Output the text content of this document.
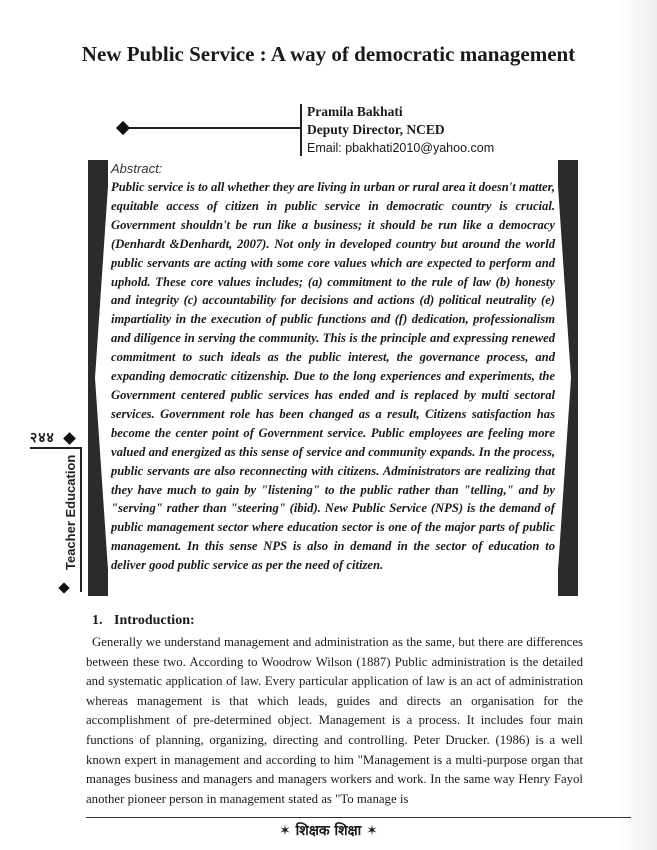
New Public Service : A way of democratic management
Pramila Bakhati
Deputy Director, NCED
Email: pbakhati2010@yahoo.com
Abstract:

Public service is to all whether they are living in urban or rural area it doesn't matter, equitable access of citizen in public service in democratic country is crucial. Government shouldn't be run like a business; it should be run like a democracy (Denhardt &Denhardt, 2007). Not only in developed country but around the world public servants are acting with some core values which are expected to perform and uphold. These core values includes; (a) commitment to the rule of law (b) honesty and integrity (c) accountability for decisions and actions (d) political neutrality (e) impartiality in the execution of public functions and (f) dedication, professionalism and diligence in serving the community. This is the principle and expressing renewed commitment to such ideals as the public interest, the governance process, and expanding democratic citizenship. Due to the long experiences and experiments, the Government centered public services has ended and is replaced by multi sectoral services. Government role has been changed as a result, Citizens satisfaction has become the center point of Government service. Public employees are feeling more valued and energized as this sense of service and community expands. In the process, public servants are also reconnecting with citizens. Administrators are realizing that they have much to gain by "listening" to the public rather than "telling," and by "serving" rather than "steering" (ibid). New Public Service (NPS) is the demand of public management sector where education sector is one of the major parts of public management. In this sense NPS is also in demand in the sector of education to deliver good public service as per the need of citizen.

1. Introduction:

Generally we understand management and administration as the same, but there are differences between these two. According to Woodrow Wilson (1887) Public administration is the detailed and systematic application of law. Every particular application of law is an act of administration whereas management is that which leads, guides and directs an organisation for the accomplishment of pre-determined object. Management is a process. It includes four main functions of planning, organizing, directing and controlling. Peter Drucker. (1986) is a well known expert in management and according to him "Management is a multi-purpose organ that manages business and managers and managers workers and work. In the same way Henry Fayol another pioneer person in management stated as "To manage is

२४४
Teacher Education
✶ शिक्षक शिक्षा ✶
